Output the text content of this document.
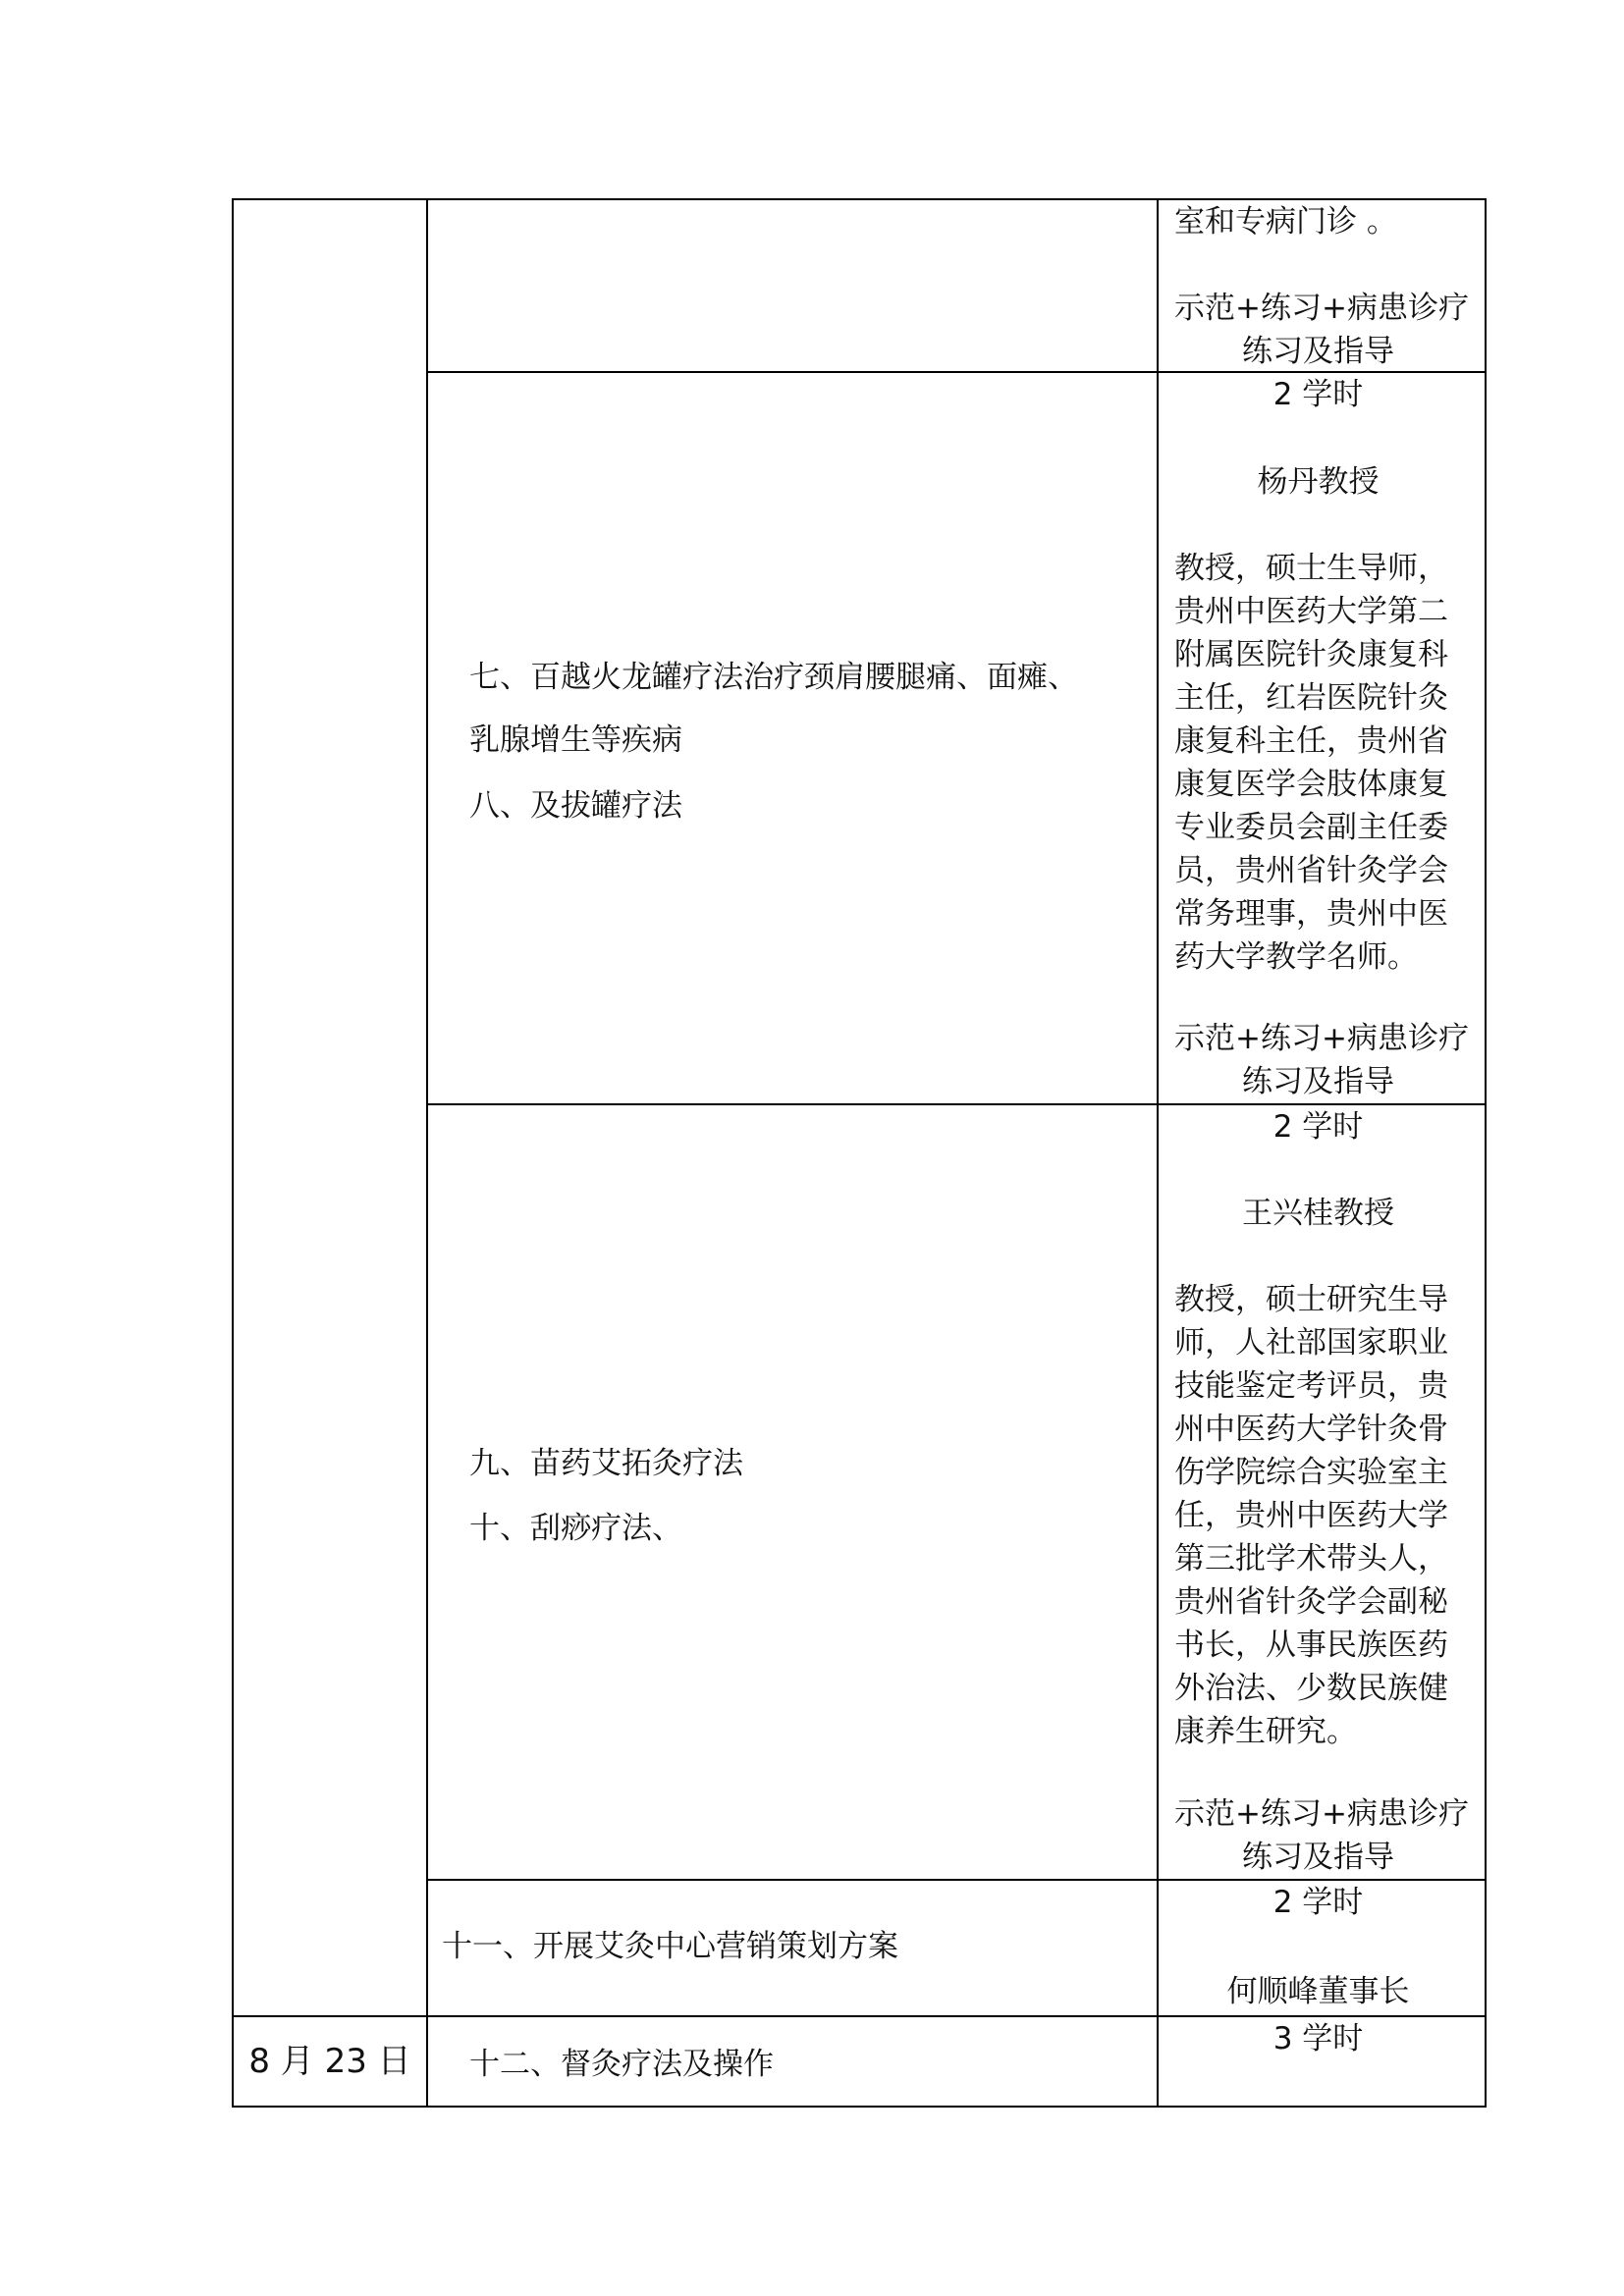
室和专病门诊 。
示范+练习+病患诊疗
练习及指导
七、百越火龙罐疗法治疗颈肩腰腿痛、面瘫、
乳腺增生等疾病
八、及拔罐疗法
2 学时
杨丹教授
教授，硕士生导师，
贵州中医药大学第二
附属医院针灸康复科
主任，红岩医院针灸
康复科主任，贵州省
康复医学会肢体康复
专业委员会副主任委
员，贵州省针灸学会
常务理事，贵州中医
药大学教学名师。
示范+练习+病患诊疗
练习及指导
九、苗药艾拓灸疗法
十、刮痧疗法、
2 学时
王兴桂教授
教授，硕士研究生导
师，人社部国家职业
技能鉴定考评员，贵
州中医药大学针灸骨
伤学院综合实验室主
任，贵州中医药大学
第三批学术带头人，
贵州省针灸学会副秘
书长，从事民族医药
外治法、少数民族健
康养生研究。
示范+练习+病患诊疗
练习及指导
十一、开展艾灸中心营销策划方案
2 学时
何顺峰董事长
8 月 23 日 十二、督灸疗法及操作
3 学时
